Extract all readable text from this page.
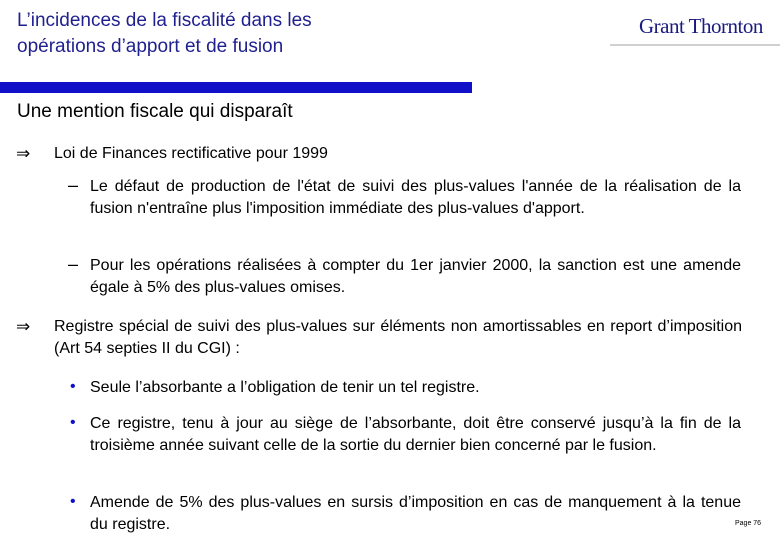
L’incidences de la fiscalité dans les
opérations d’apport et de fusion
Grant Thornton
Une mention fiscale qui disparaît
⇒ Loi de Finances rectificative pour 1999
– Le défaut de production de l'état de suivi des plus-values l'année de la réalisation de la fusion n'entraîne plus l'imposition immédiate des plus-values d'apport.
– Pour les opérations réalisées à compter du 1er janvier 2000, la sanction est une amende égale à 5% des plus-values omises.
⇒ Registre spécial de suivi des plus-values sur éléments non amortissables en report d’imposition (Art 54 septies II du CGI) :
• Seule l’absorbante a l’obligation de tenir un tel registre.
• Ce registre, tenu à jour au siège de l’absorbante, doit être conservé jusqu’à la fin de la troisième année suivant celle de la sortie du dernier bien concerné par le fusion.
• Amende de 5% des plus-values en sursis d’imposition en cas de manquement à la tenue du registre.	Page 76
